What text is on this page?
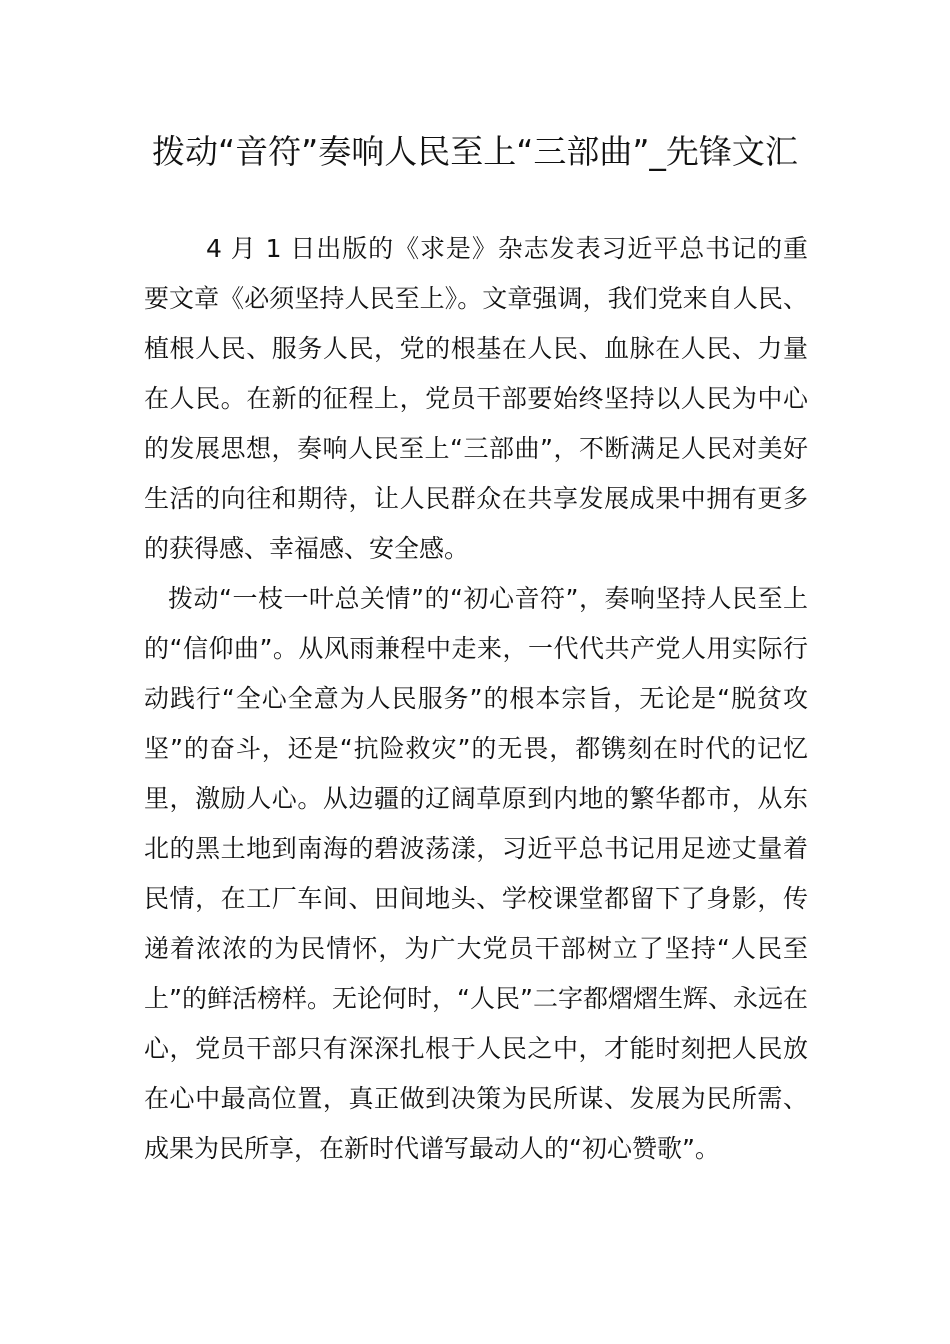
拨动“音符”奏响人民至上“三部曲”_先锋文汇

4 月 1 日出版的《求是》杂志发表习近平总书记的重要文章《必须坚持人民至上》。文章强调，我们党来自人民、植根人民、服务人民，党的根基在人民、血脉在人民、力量在人民。在新的征程上，党员干部要始终坚持以人民为中心的发展思想，奏响人民至上“三部曲”，不断满足人民对美好生活的向往和期待，让人民群众在共享发展成果中拥有更多的获得感、幸福感、安全感。

拨动“一枝一叶总关情”的“初心音符”，奏响坚持人民至上的“信仰曲”。从风雨兼程中走来，一代代共产党人用实际行动践行“全心全意为人民服务”的根本宗旨，无论是“脱贫攻坚”的奋斗，还是“抗险救灾”的无畏，都镌刻在时代的记忆里，激励人心。从边疆的辽阔草原到内地的繁华都市，从东北的黑土地到南海的碧波荡漾，习近平总书记用足迹丈量着民情，在工厂车间、田间地头、学校课堂都留下了身影，传递着浓浓的为民情怀，为广大党员干部树立了坚持“人民至上”的鲜活榜样。无论何时，“人民”二字都熠熠生辉、永远在心，党员干部只有深深扎根于人民之中，才能时刻把人民放在心中最高位置，真正做到决策为民所谋、发展为民所需、成果为民所享，在新时代谱写最动人的“初心赞歌”。
